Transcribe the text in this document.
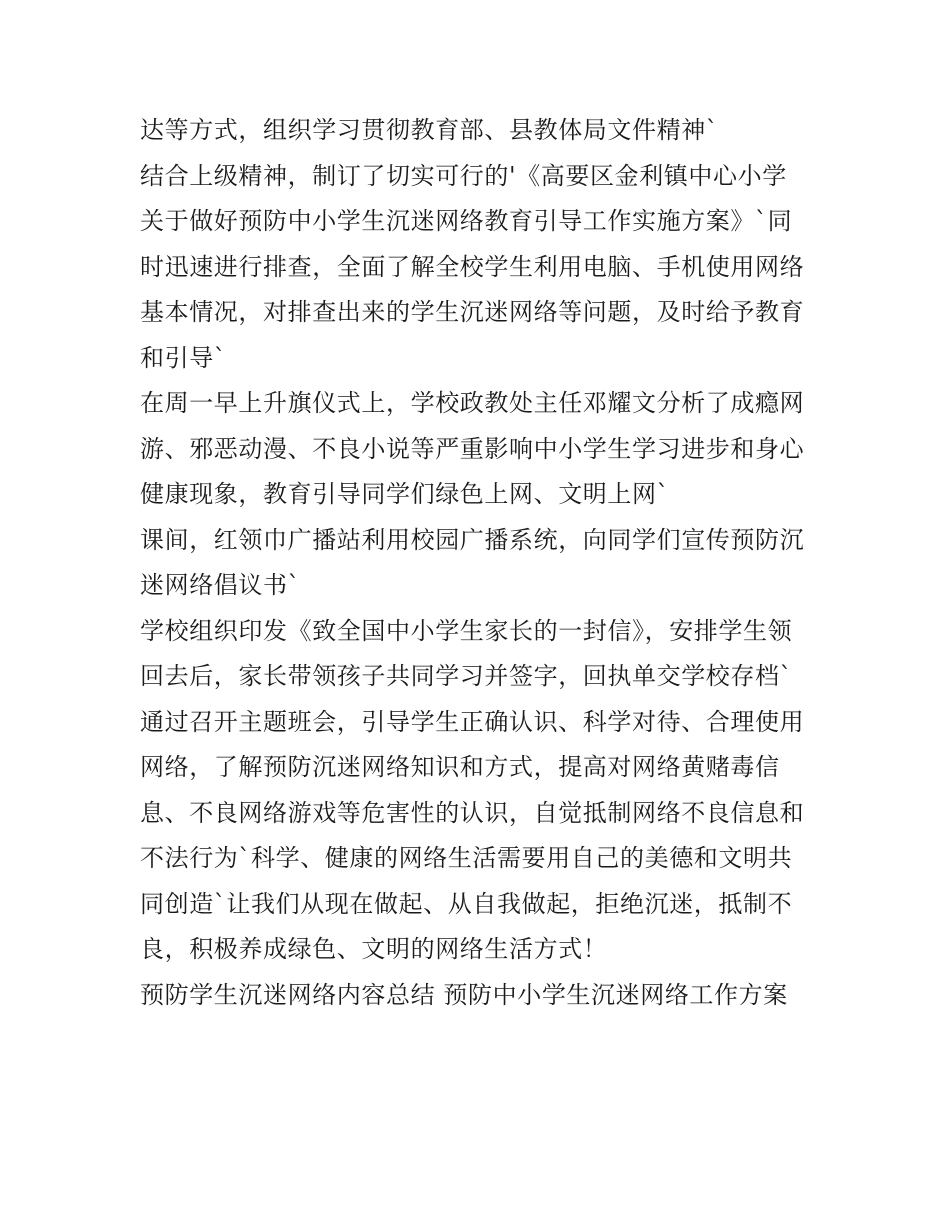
达等方式，组织学习贯彻教育部、县教体局文件精神`
结合上级精神，制订了切实可行的'《高要区金利镇中心小学
关于做好预防中小学生沉迷网络教育引导工作实施方案》`同
时迅速进行排查，全面了解全校学生利用电脑、手机使用网络
基本情况，对排查出来的学生沉迷网络等问题，及时给予教育
和引导`
在周一早上升旗仪式上，学校政教处主任邓耀文分析了成瘾网
游、邪恶动漫、不良小说等严重影响中小学生学习进步和身心
健康现象，教育引导同学们绿色上网、文明上网`
课间，红领巾广播站利用校园广播系统，向同学们宣传预防沉
迷网络倡议书`
学校组织印发《致全国中小学生家长的一封信》，安排学生领
回去后，家长带领孩子共同学习并签字，回执单交学校存档`
通过召开主题班会，引导学生正确认识、科学对待、合理使用
网络，了解预防沉迷网络知识和方式，提高对网络黄赌毒信
息、不良网络游戏等危害性的认识，自觉抵制网络不良信息和
不法行为`科学、健康的网络生活需要用自己的美德和文明共
同创造`让我们从现在做起、从自我做起，拒绝沉迷，抵制不
良，积极养成绿色、文明的网络生活方式！
预防学生沉迷网络内容总结 预防中小学生沉迷网络工作方案
